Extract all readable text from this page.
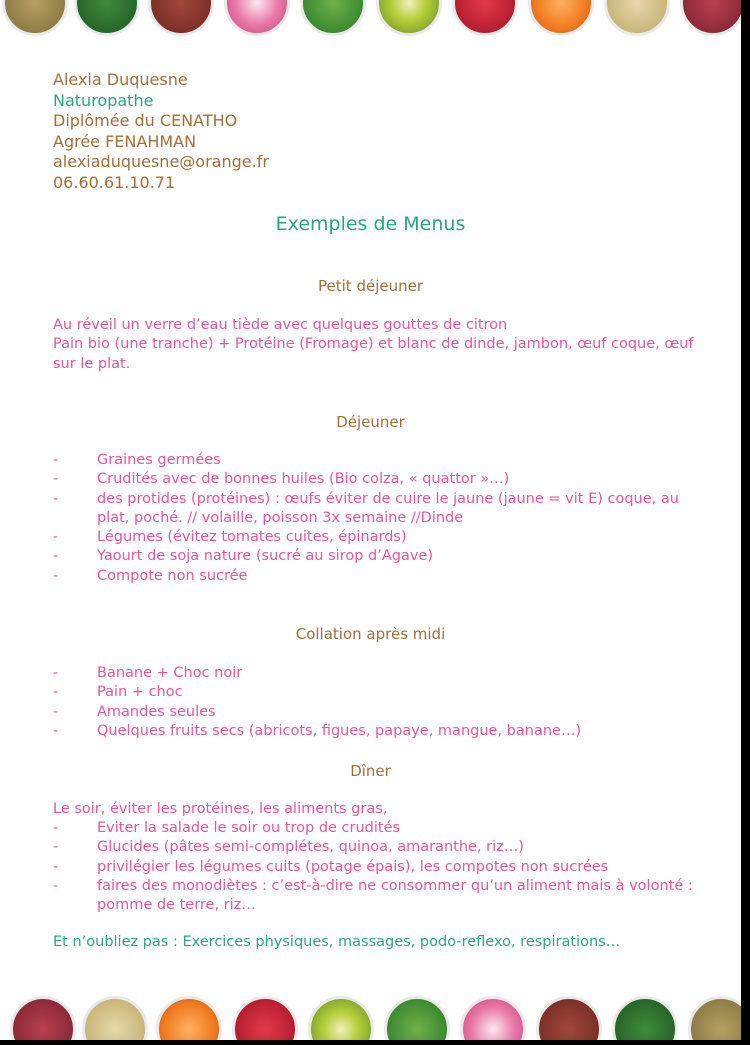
Alexia Duquesne
Naturopathe
Diplômée du CENATHO
Agrée FENAHMAN
alexiaduquesne@orange.fr
06.60.61.10.71
Exemples de Menus
Petit déjeuner
Au réveil un verre d’eau tiède avec quelques gouttes de citron
Pain bio (une tranche) + Protéine (Fromage) et blanc de dinde, jambon, œuf coque, œuf sur le plat.
Déjeuner
-	Graines germées
-	Crudités avec de bonnes huiles (Bio colza, « quattor »…)
-	des protides (protéines) : œufs éviter de cuire le jaune (jaune = vit E) coque, au plat, poché. // volaille, poisson 3x semaine //Dinde
-	Légumes (évitez tomates cuites, épinards)
-	Yaourt de soja nature (sucré au sirop d’Agave)
-	Compote non sucrée
Collation après midi
-	Banane + Choc noir
-	Pain + choc
-	Amandes seules
-	Quelques fruits secs (abricots, figues, papaye, mangue, banane…)
Dîner
Le soir, éviter les protéines, les aliments gras,
-	Eviter la salade le soir ou trop de crudités
-	Glucides (pâtes semi-complétes, quinoa, amaranthe, riz…)
-	privilégier les légumes cuits (potage épais), les compotes non sucrées
-	faires des monodiètes : c’est-à-dire ne consommer qu’un aliment mais à volonté : pomme de terre, riz…
Et n’oubliez pas : Exercices physiques, massages, podo-reflexo, respirations…
